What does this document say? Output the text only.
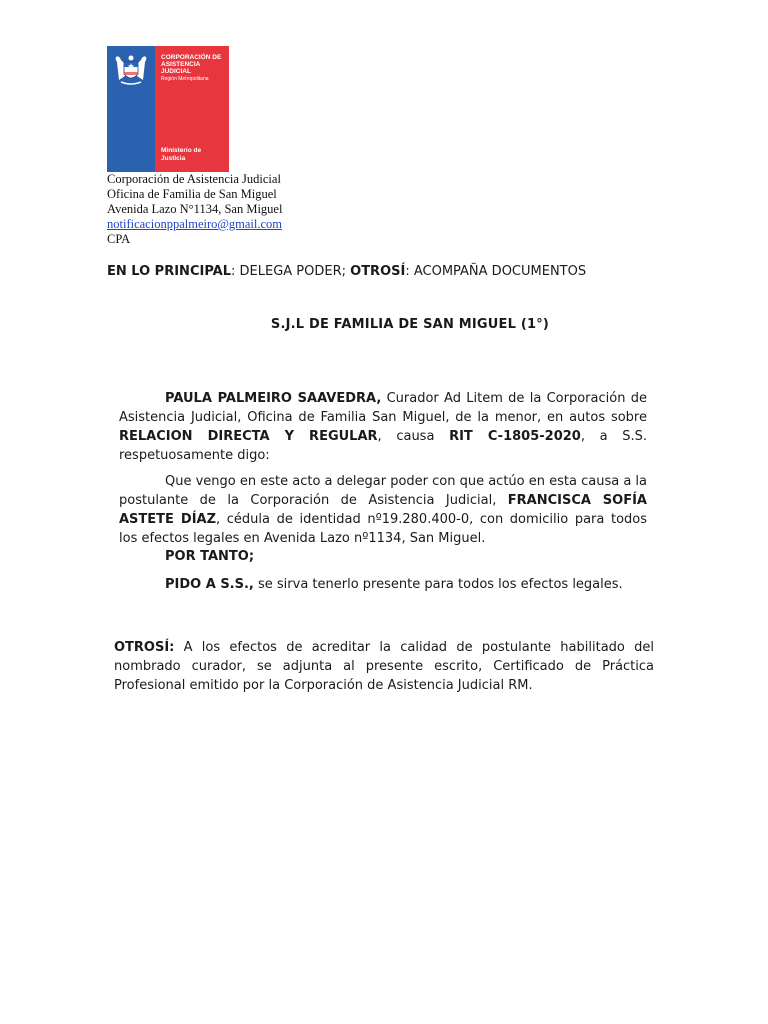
CORPORACIÓN DE
ASISTENCIA
JUDICIAL
Región Metropolitana
Ministerio de
Justicia
Corporación de Asistencia Judicial
Oficina de Familia de San Miguel
Avenida Lazo N°1134, San Miguel
notificacionppalmeiro@gmail.com
CPA
EN LO PRINCIPAL: DELEGA PODER; OTROSÍ: ACOMPAÑA DOCUMENTOS
S.J.L DE FAMILIA DE SAN MIGUEL (1°)
PAULA PALMEIRO SAAVEDRA, Curador Ad Litem de la Corporación de Asistencia Judicial, Oficina de Familia San Miguel, de la menor, en autos sobre RELACION DIRECTA Y REGULAR, causa RIT C-1805-2020, a S.S. respetuosamente digo:
Que vengo en este acto a delegar poder con que actúo en esta causa a la postulante de la Corporación de Asistencia Judicial, FRANCISCA SOFÍA ASTETE DÍAZ, cédula de identidad nº19.280.400-0, con domicilio para todos los efectos legales en Avenida Lazo nº1134, San Miguel.
POR TANTO;
PIDO A S.S., se sirva tenerlo presente para todos los efectos legales.
OTROSÍ: A los efectos de acreditar la calidad de postulante habilitado del nombrado curador, se adjunta al presente escrito, Certificado de Práctica Profesional emitido por la Corporación de Asistencia Judicial RM.
